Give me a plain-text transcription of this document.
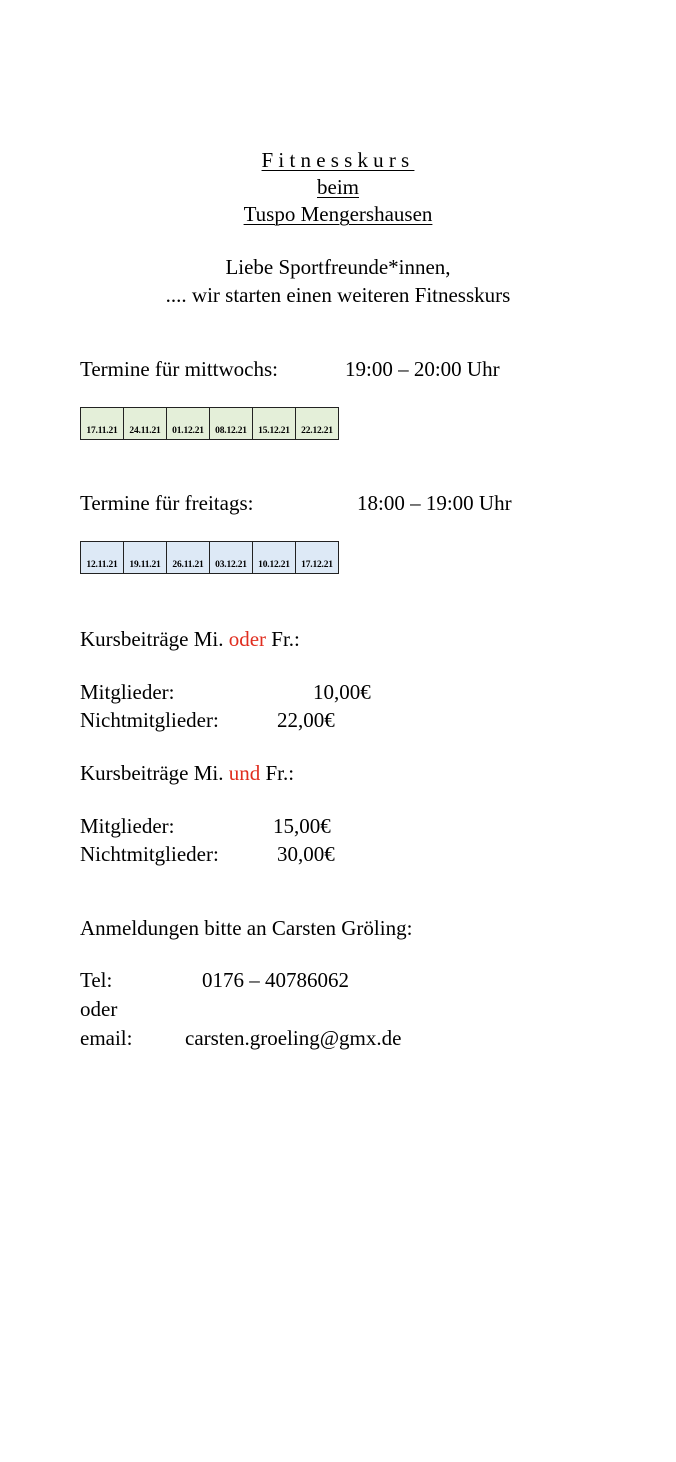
Fitnesskurs
beim
Tuspo Mengershausen
Liebe Sportfreunde*innen,
.... wir starten einen weiteren Fitnesskurs
Termine für mittwochs:	19:00 – 20:00 Uhr
17.11.21	24.11.21	01.12.21	08.12.21	15.12.21	22.12.21
Termine für freitags:	18:00 – 19:00 Uhr
12.11.21	19.11.21	26.11.21	03.12.21	10.12.21	17.12.21
Kursbeiträge Mi. oder Fr.:
Mitglieder:	10,00€
Nichtmitglieder:	22,00€
Kursbeiträge Mi. und Fr.:
Mitglieder:	15,00€
Nichtmitglieder:	30,00€
Anmeldungen bitte an Carsten Gröling:
Tel:	0176 – 40786062
oder
email:	carsten.groeling@gmx.de
